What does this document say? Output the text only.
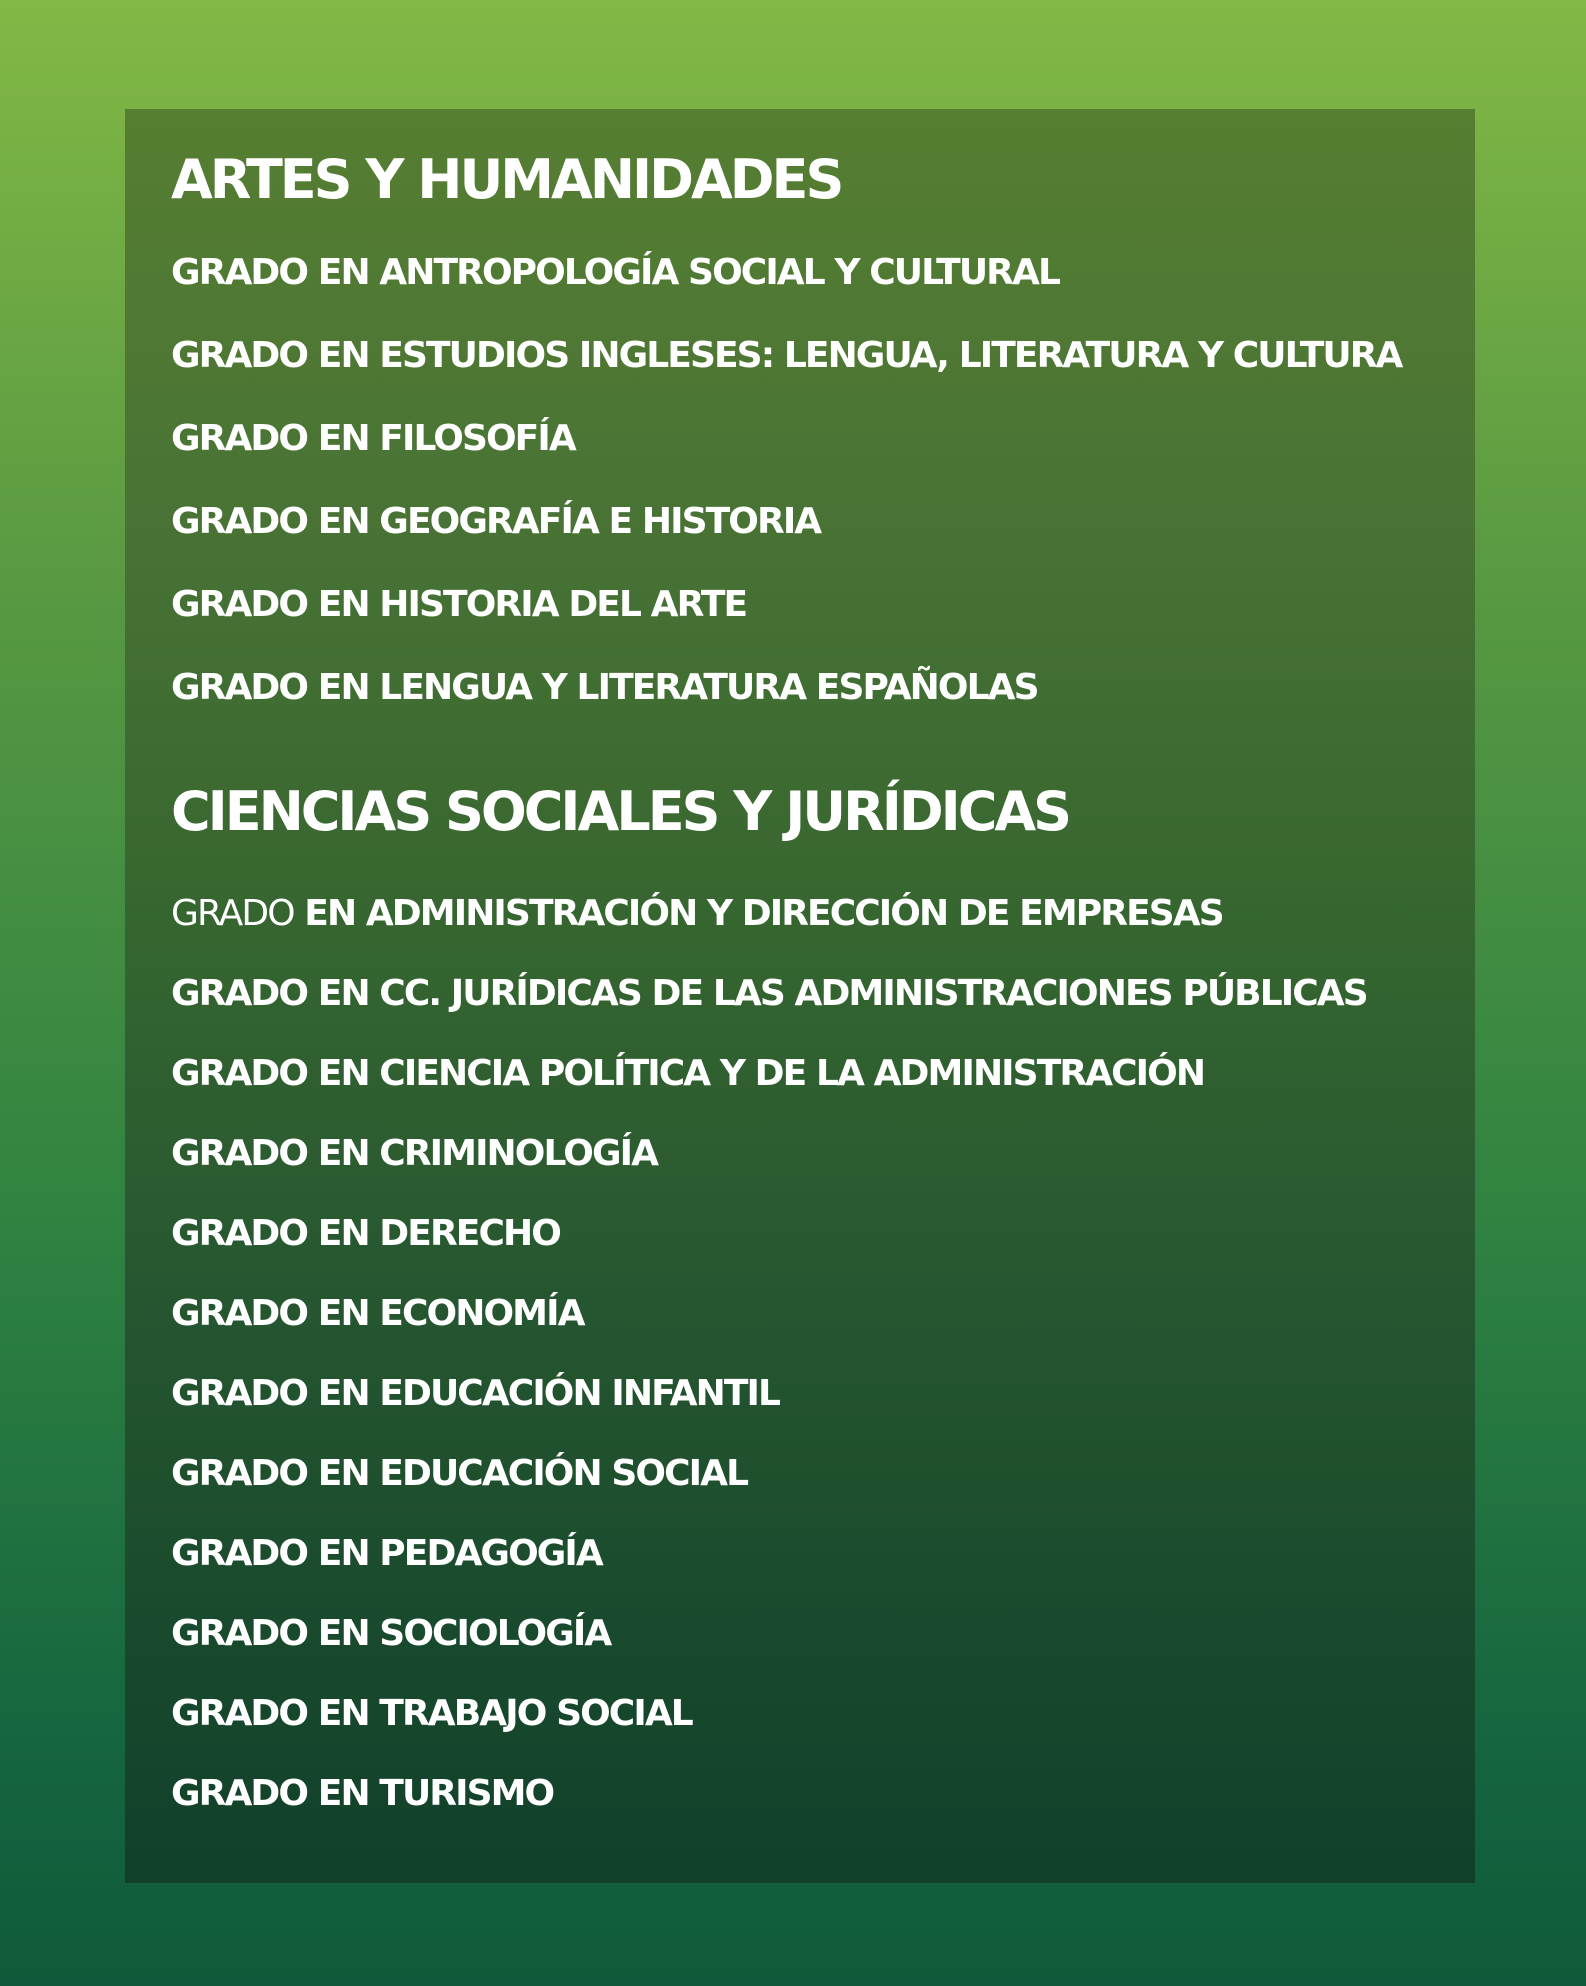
ARTES Y HUMANIDADES
GRADO EN ANTROPOLOGÍA SOCIAL Y CULTURAL
GRADO EN ESTUDIOS INGLESES: LENGUA, LITERATURA Y CULTURA
GRADO EN FILOSOFÍA
GRADO EN GEOGRAFÍA E HISTORIA
GRADO EN HISTORIA DEL ARTE
GRADO EN LENGUA Y LITERATURA ESPAÑOLAS
CIENCIAS SOCIALES Y JURÍDICAS
GRADO EN ADMINISTRACIÓN Y DIRECCIÓN DE EMPRESAS
GRADO EN CC. JURÍDICAS DE LAS ADMINISTRACIONES PÚBLICAS
GRADO EN CIENCIA POLÍTICA Y DE LA ADMINISTRACIÓN
GRADO EN CRIMINOLOGÍA
GRADO EN DERECHO
GRADO EN ECONOMÍA
GRADO EN EDUCACIÓN INFANTIL
GRADO EN EDUCACIÓN SOCIAL
GRADO EN PEDAGOGÍA
GRADO EN SOCIOLOGÍA
GRADO EN TRABAJO SOCIAL
GRADO EN TURISMO
